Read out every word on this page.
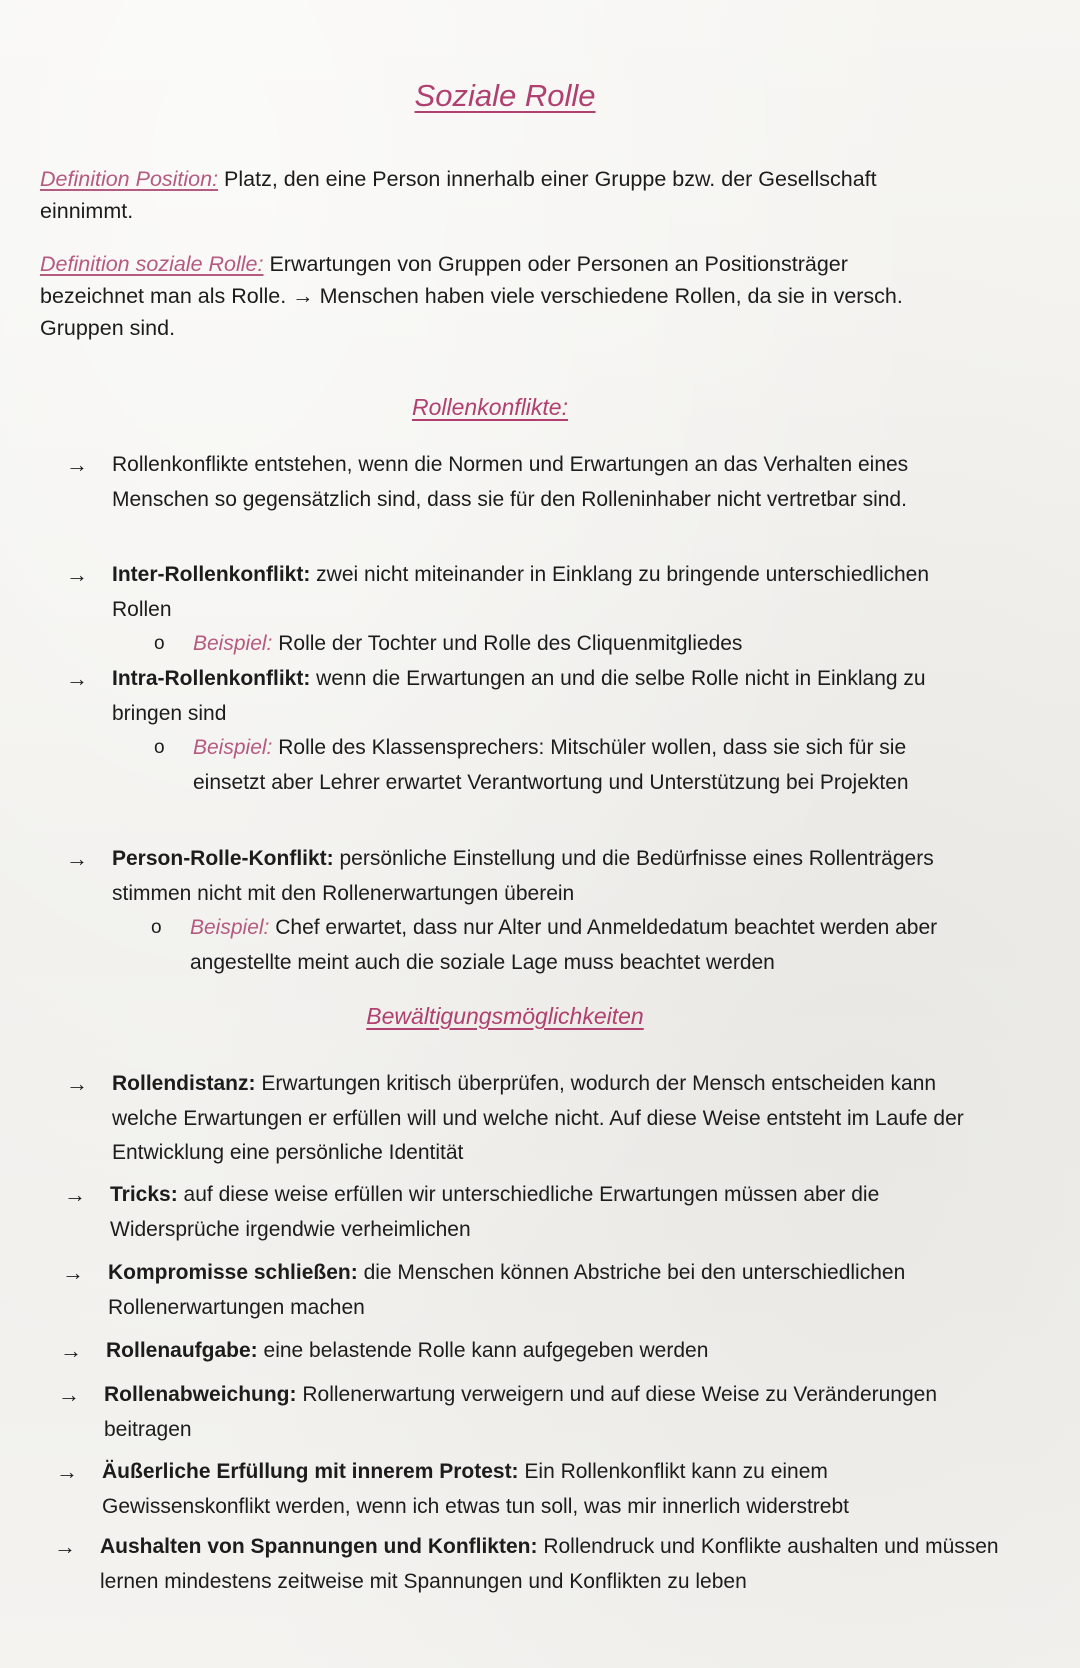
Soziale Rolle
Definition Position: Platz, den eine Person innerhalb einer Gruppe bzw. der Gesellschaft einnimmt.
Definition soziale Rolle: Erwartungen von Gruppen oder Personen an Positionsträger bezeichnet man als Rolle. → Menschen haben viele verschiedene Rollen, da sie in versch. Gruppen sind.
Rollenkonflikte:
→	Rollenkonflikte entstehen, wenn die Normen und Erwartungen an das Verhalten eines Menschen so gegensätzlich sind, dass sie für den Rolleninhaber nicht vertretbar sind.
→	Inter-Rollenkonflikt: zwei nicht miteinander in Einklang zu bringende unterschiedlichen Rollen
o Beispiel: Rolle der Tochter und Rolle des Cliquenmitgliedes
→	Intra-Rollenkonflikt: wenn die Erwartungen an und die selbe Rolle nicht in Einklang zu bringen sind
o Beispiel: Rolle des Klassensprechers: Mitschüler wollen, dass sie sich für sie einsetzt aber Lehrer erwartet Verantwortung und Unterstützung bei Projekten
→	Person-Rolle-Konflikt: persönliche Einstellung und die Bedürfnisse eines Rollenträgers stimmen nicht mit den Rollenerwartungen überein
o Beispiel: Chef erwartet, dass nur Alter und Anmeldedatum beachtet werden aber angestellte meint auch die soziale Lage muss beachtet werden
Bewältigungsmöglichkeiten
→	Rollendistanz: Erwartungen kritisch überprüfen, wodurch der Mensch entscheiden kann welche Erwartungen er erfüllen will und welche nicht. Auf diese Weise entsteht im Laufe der Entwicklung eine persönliche Identität
→	Tricks: auf diese weise erfüllen wir unterschiedliche Erwartungen müssen aber die Widersprüche irgendwie verheimlichen
→	Kompromisse schließen: die Menschen können Abstriche bei den unterschiedlichen Rollenerwartungen machen
→	Rollenaufgabe: eine belastende Rolle kann aufgegeben werden
→	Rollenabweichung: Rollenerwartung verweigern und auf diese Weise zu Veränderungen beitragen
→	Äußerliche Erfüllung mit innerem Protest: Ein Rollenkonflikt kann zu einem Gewissenskonflikt werden, wenn ich etwas tun soll, was mir innerlich widerstrebt
→	Aushalten von Spannungen und Konflikten: Rollendruck und Konflikte aushalten und müssen lernen mindestens zeitweise mit Spannungen und Konflikten zu leben
